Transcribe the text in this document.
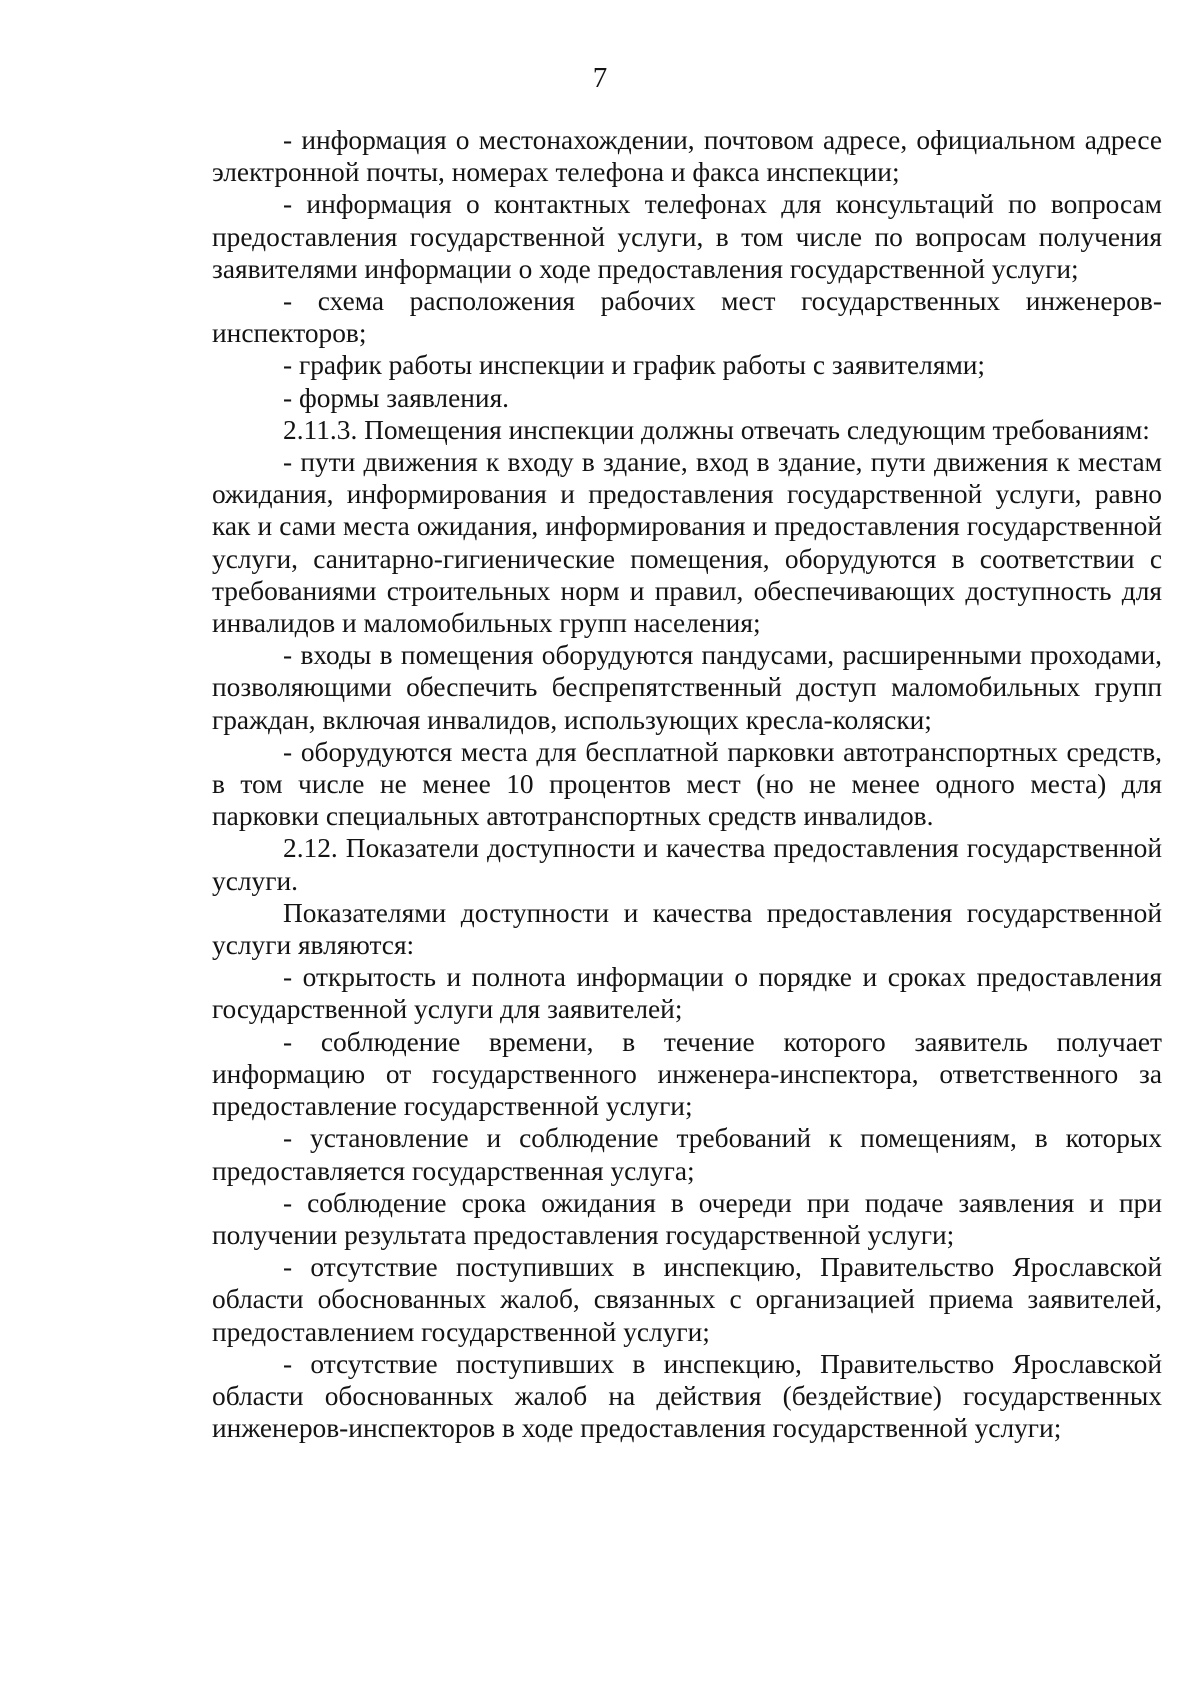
7

- информация о местонахождении, почтовом адресе, официальном адресе электронной почты, номерах телефона и факса инспекции;

- информация о контактных телефонах для консультаций по вопросам предоставления государственной услуги, в том числе по вопросам получения заявителями информации о ходе предоставления государственной услуги;

- схема расположения рабочих мест государственных инженеров-инспекторов;

- график работы инспекции и график работы с заявителями;

- формы заявления.

2.11.3. Помещения инспекции должны отвечать следующим требованиям:

- пути движения к входу в здание, вход в здание, пути движения к местам ожидания, информирования и предоставления государственной услуги, равно как и сами места ожидания, информирования и предоставления государственной услуги, санитарно-гигиенические помещения, оборудуются в соответствии с требованиями строительных норм и правил, обеспечивающих доступность для инвалидов и маломобильных групп населения;

- входы в помещения оборудуются пандусами, расширенными проходами, позволяющими обеспечить беспрепятственный доступ маломобильных групп граждан, включая инвалидов, использующих кресла-коляски;

- оборудуются места для бесплатной парковки автотранспортных средств, в том числе не менее 10 процентов мест (но не менее одного места) для парковки специальных автотранспортных средств инвалидов.

2.12. Показатели доступности и качества предоставления государственной услуги.

Показателями доступности и качества предоставления государственной услуги являются:

- открытость и полнота информации о порядке и сроках предоставления государственной услуги для заявителей;

- соблюдение времени, в течение которого заявитель получает информацию от государственного инженера-инспектора, ответственного за предоставление государственной услуги;

- установление и соблюдение требований к помещениям, в которых предоставляется государственная услуга;

- соблюдение срока ожидания в очереди при подаче заявления и при получении результата предоставления государственной услуги;

- отсутствие поступивших в инспекцию, Правительство Ярославской области обоснованных жалоб, связанных с организацией приема заявителей, предоставлением государственной услуги;

- отсутствие поступивших в инспекцию, Правительство Ярославской области обоснованных жалоб на действия (бездействие) государственных инженеров-инспекторов в ходе предоставления государственной услуги;
